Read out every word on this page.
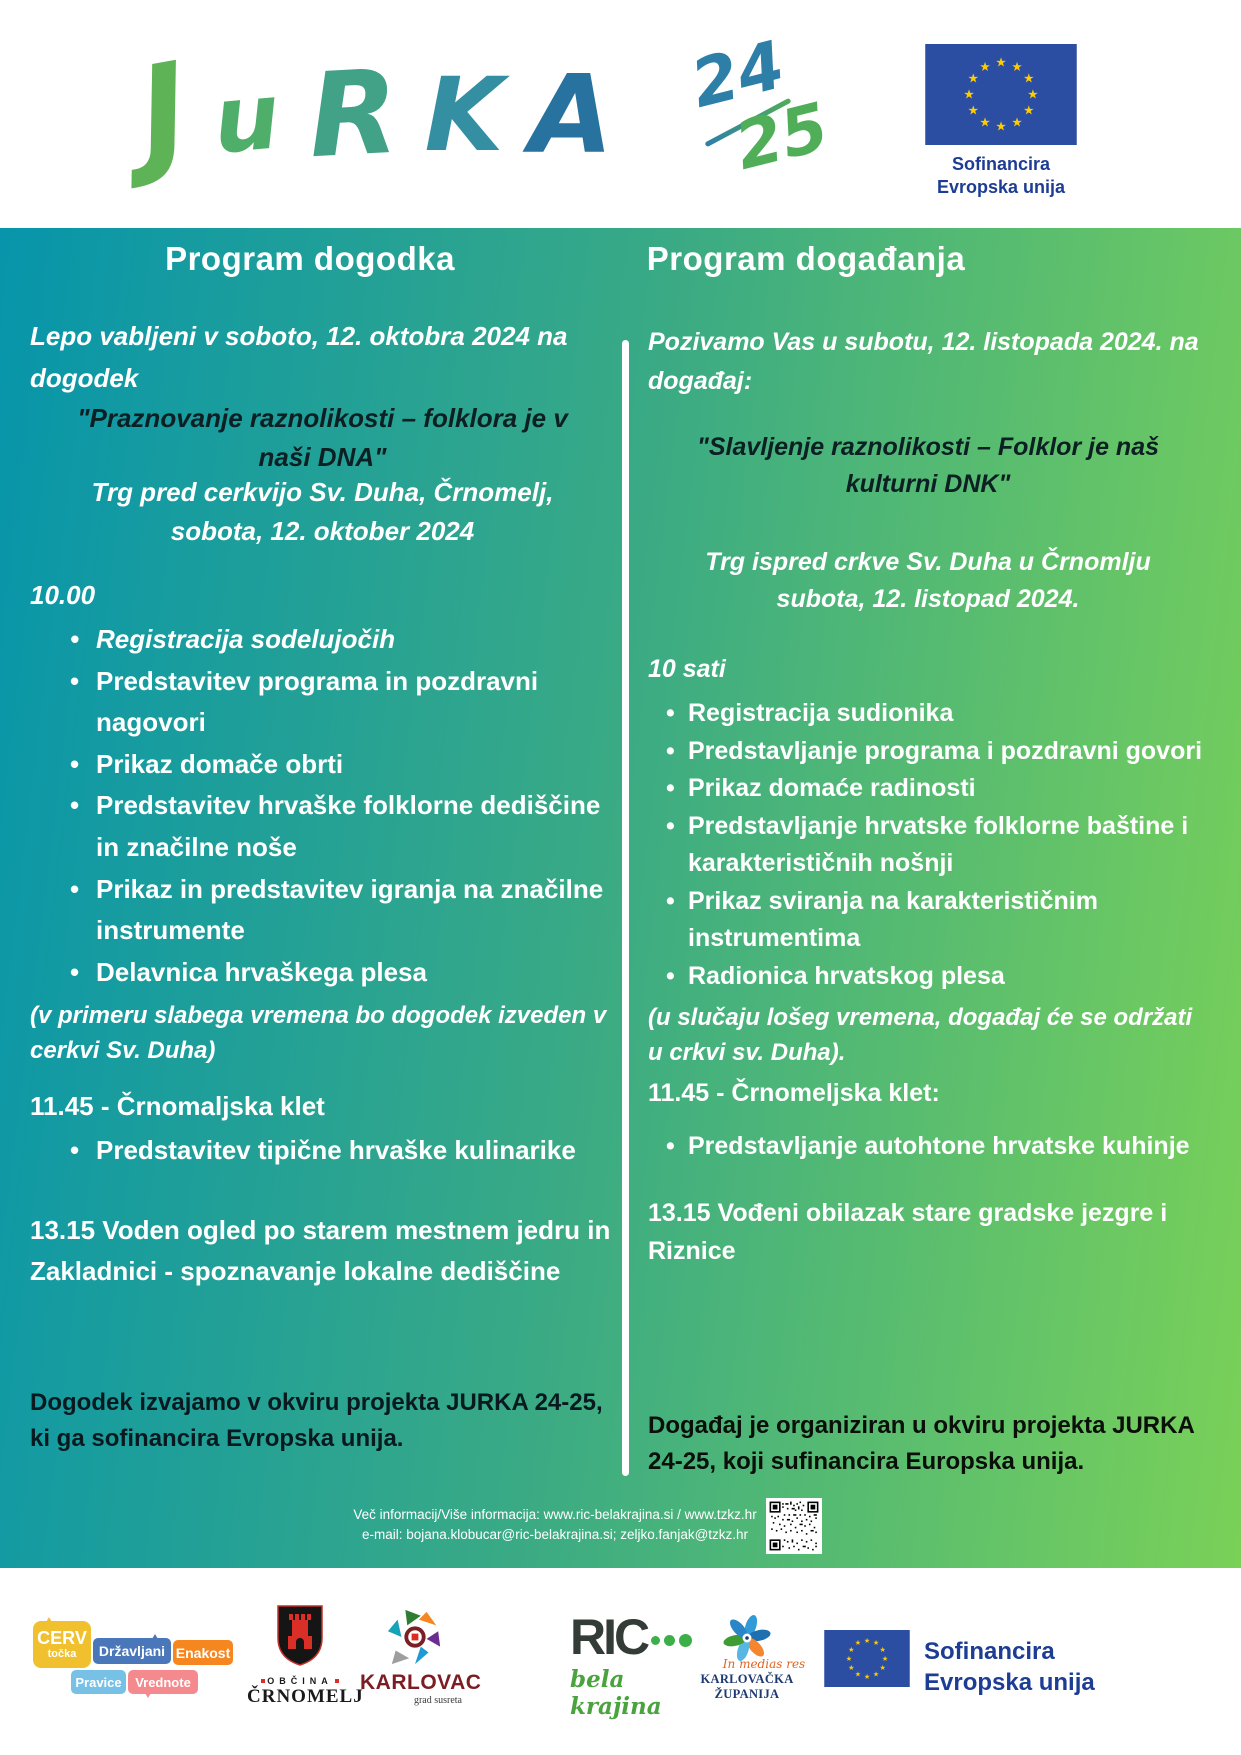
Ju R K A 24
25
★ ★
★
★
★
★
★
★
★
★
★
★
Sofinancira
Evropska unija
Program dogodka	Program događanja
Lepo vabljeni v soboto, 12. oktobra 2024 na dogodek
"Praznovanje raznolikosti – folklora je v naši DNA"
Trg pred cerkvijo Sv. Duha, Črnomelj, sobota, 12. oktober 2024
10.00
• Registracija sodelujočih
• Predstavitev programa in pozdravni nagovori
• Prikaz domače obrti
• Predstavitev hrvaške folklorne dediščine in značilne noše
• Prikaz in predstavitev igranja na značilne instrumente
• Delavnica hrvaškega plesa
(v primeru slabega vremena bo dogodek izveden v cerkvi Sv. Duha)
11.45 - Črnomaljska klet
• Predstavitev tipične hrvaške kulinarike
13.15 Voden ogled po starem mestnem jedru in Zakladnici - spoznavanje lokalne dediščine
Dogodek izvajamo v okviru projekta JURKA 24-25, ki ga sofinancira Evropska unija.
Pozivamo Vas u subotu, 12. listopada 2024. na događaj:
"Slavljenje raznolikosti – Folklor je naš kulturni DNK"
Trg ispred crkve Sv. Duha u Črnomlju subota, 12. listopad 2024.
10 sati
• Registracija sudionika
• Predstavljanje programa i pozdravni govori
• Prikaz domaće radinosti
• Predstavljanje hrvatske folklorne baštine i karakterističnih nošnji
• Prikaz sviranja na karakterističnim instrumentima
• Radionica hrvatskog plesa
(u slučaju lošeg vremena, događaj će se održati u crkvi sv. Duha).
11.45 - Črnomeljska klet:
• Predstavljanje autohtone hrvatske kuhinje
13.15 Vođeni obilazak stare gradske jezgre i Riznice
Događaj je organiziran u okviru projekta JURKA 24-25, koji sufinancira Europska unija.
Več informacij/Više informacija: www.ric-belakrajina.si / www.tzkz.hr
e-mail: bojana.klobucar@ric-belakrajina.si; zeljko.fanjak@tzkz.hr
CERV
točka	Državljani Enakost
Pravice	Vrednote	OBČINA
ČRNOMELJ
KARLOVAC
grad susreta
RIC
bela krajina
In medias res
KARLOVAČKA ŽUPANIJA
★ ★
★
★
★
★
★
★
★
★
★
★	Sofinancira
Evropska unija
